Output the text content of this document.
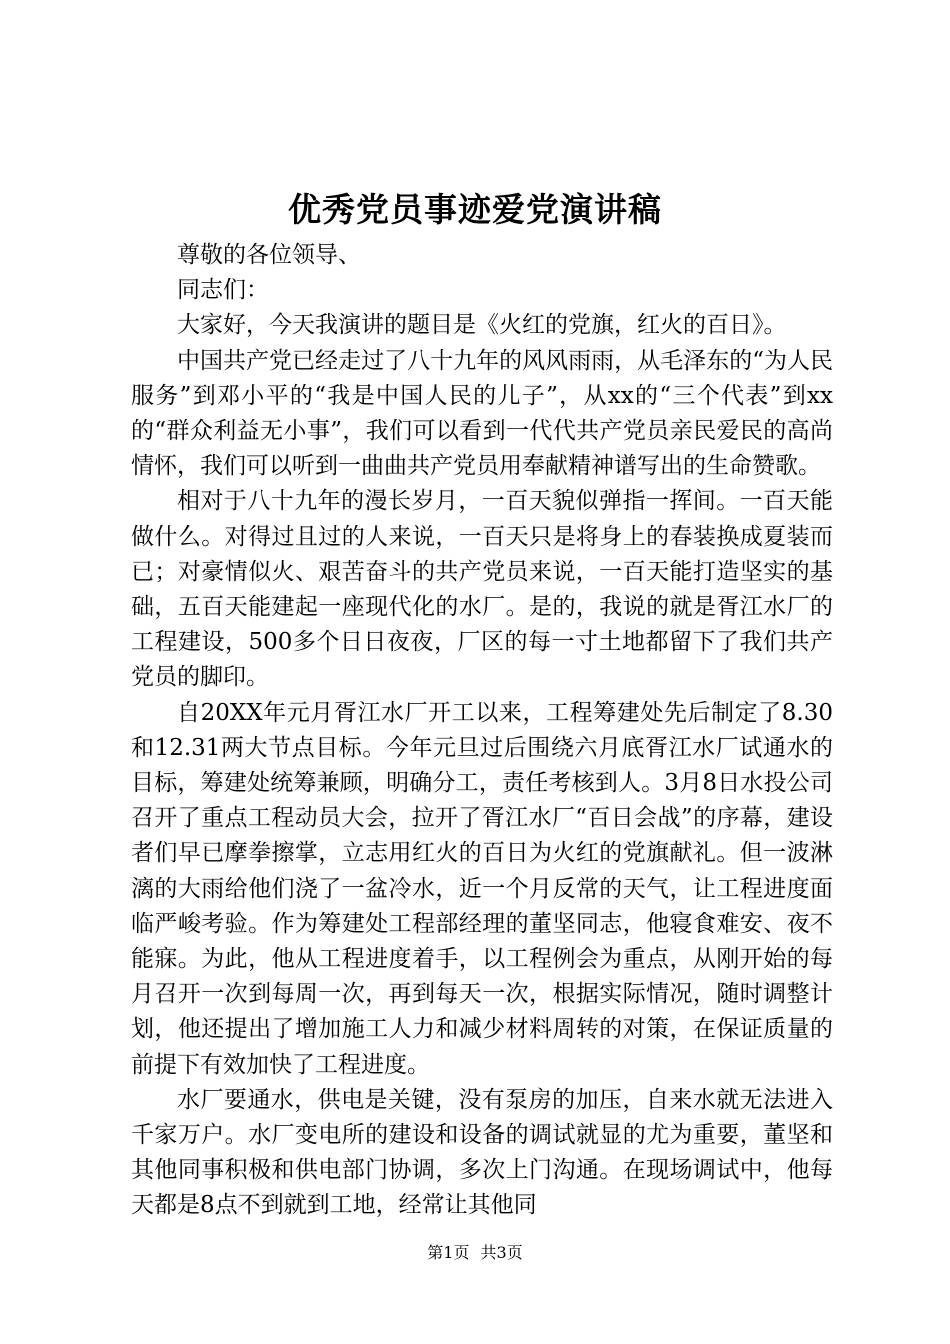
优秀党员事迹爱党演讲稿

尊敬的各位领导、

同志们：

大家好，今天我演讲的题目是《火红的党旗，红火的百日》。

中国共产党已经走过了八十九年的风风雨雨，从毛泽东的“为人民服务”到邓小平的“我是中国人民的儿子”，从xx的“三个代表”到xx的“群众利益无小事”，我们可以看到一代代共产党员亲民爱民的高尚情怀，我们可以听到一曲曲共产党员用奉献精神谱写出的生命赞歌。

相对于八十九年的漫长岁月，一百天貌似弹指一挥间。一百天能做什么。对得过且过的人来说，一百天只是将身上的春装换成夏装而已；对豪情似火、艰苦奋斗的共产党员来说，一百天能打造坚实的基础，五百天能建起一座现代化的水厂。是的，我说的就是胥江水厂的工程建设，500多个日日夜夜，厂区的每一寸土地都留下了我们共产党员的脚印。

自20XX年元月胥江水厂开工以来，工程筹建处先后制定了8.30和12.31两大节点目标。今年元旦过后围绕六月底胥江水厂试通水的目标，筹建处统筹兼顾，明确分工，责任考核到人。3月8日水投公司召开了重点工程动员大会，拉开了胥江水厂“百日会战”的序幕，建设者们早已摩拳擦掌，立志用红火的百日为火红的党旗献礼。但一波淋漓的大雨给他们浇了一盆冷水，近一个月反常的天气，让工程进度面临严峻考验。作为筹建处工程部经理的董坚同志，他寝食难安、夜不能寐。为此，他从工程进度着手，以工程例会为重点，从刚开始的每月召开一次到每周一次，再到每天一次，根据实际情况，随时调整计划，他还提出了增加施工人力和减少材料周转的对策，在保证质量的前提下有效加快了工程进度。

水厂要通水，供电是关键，没有泵房的加压，自来水就无法进入千家万户。水厂变电所的建设和设备的调试就显的尤为重要，董坚和其他同事积极和供电部门协调，多次上门沟通。在现场调试中，他每天都是8点不到就到工地，经常让其他同

第1页 共3页
